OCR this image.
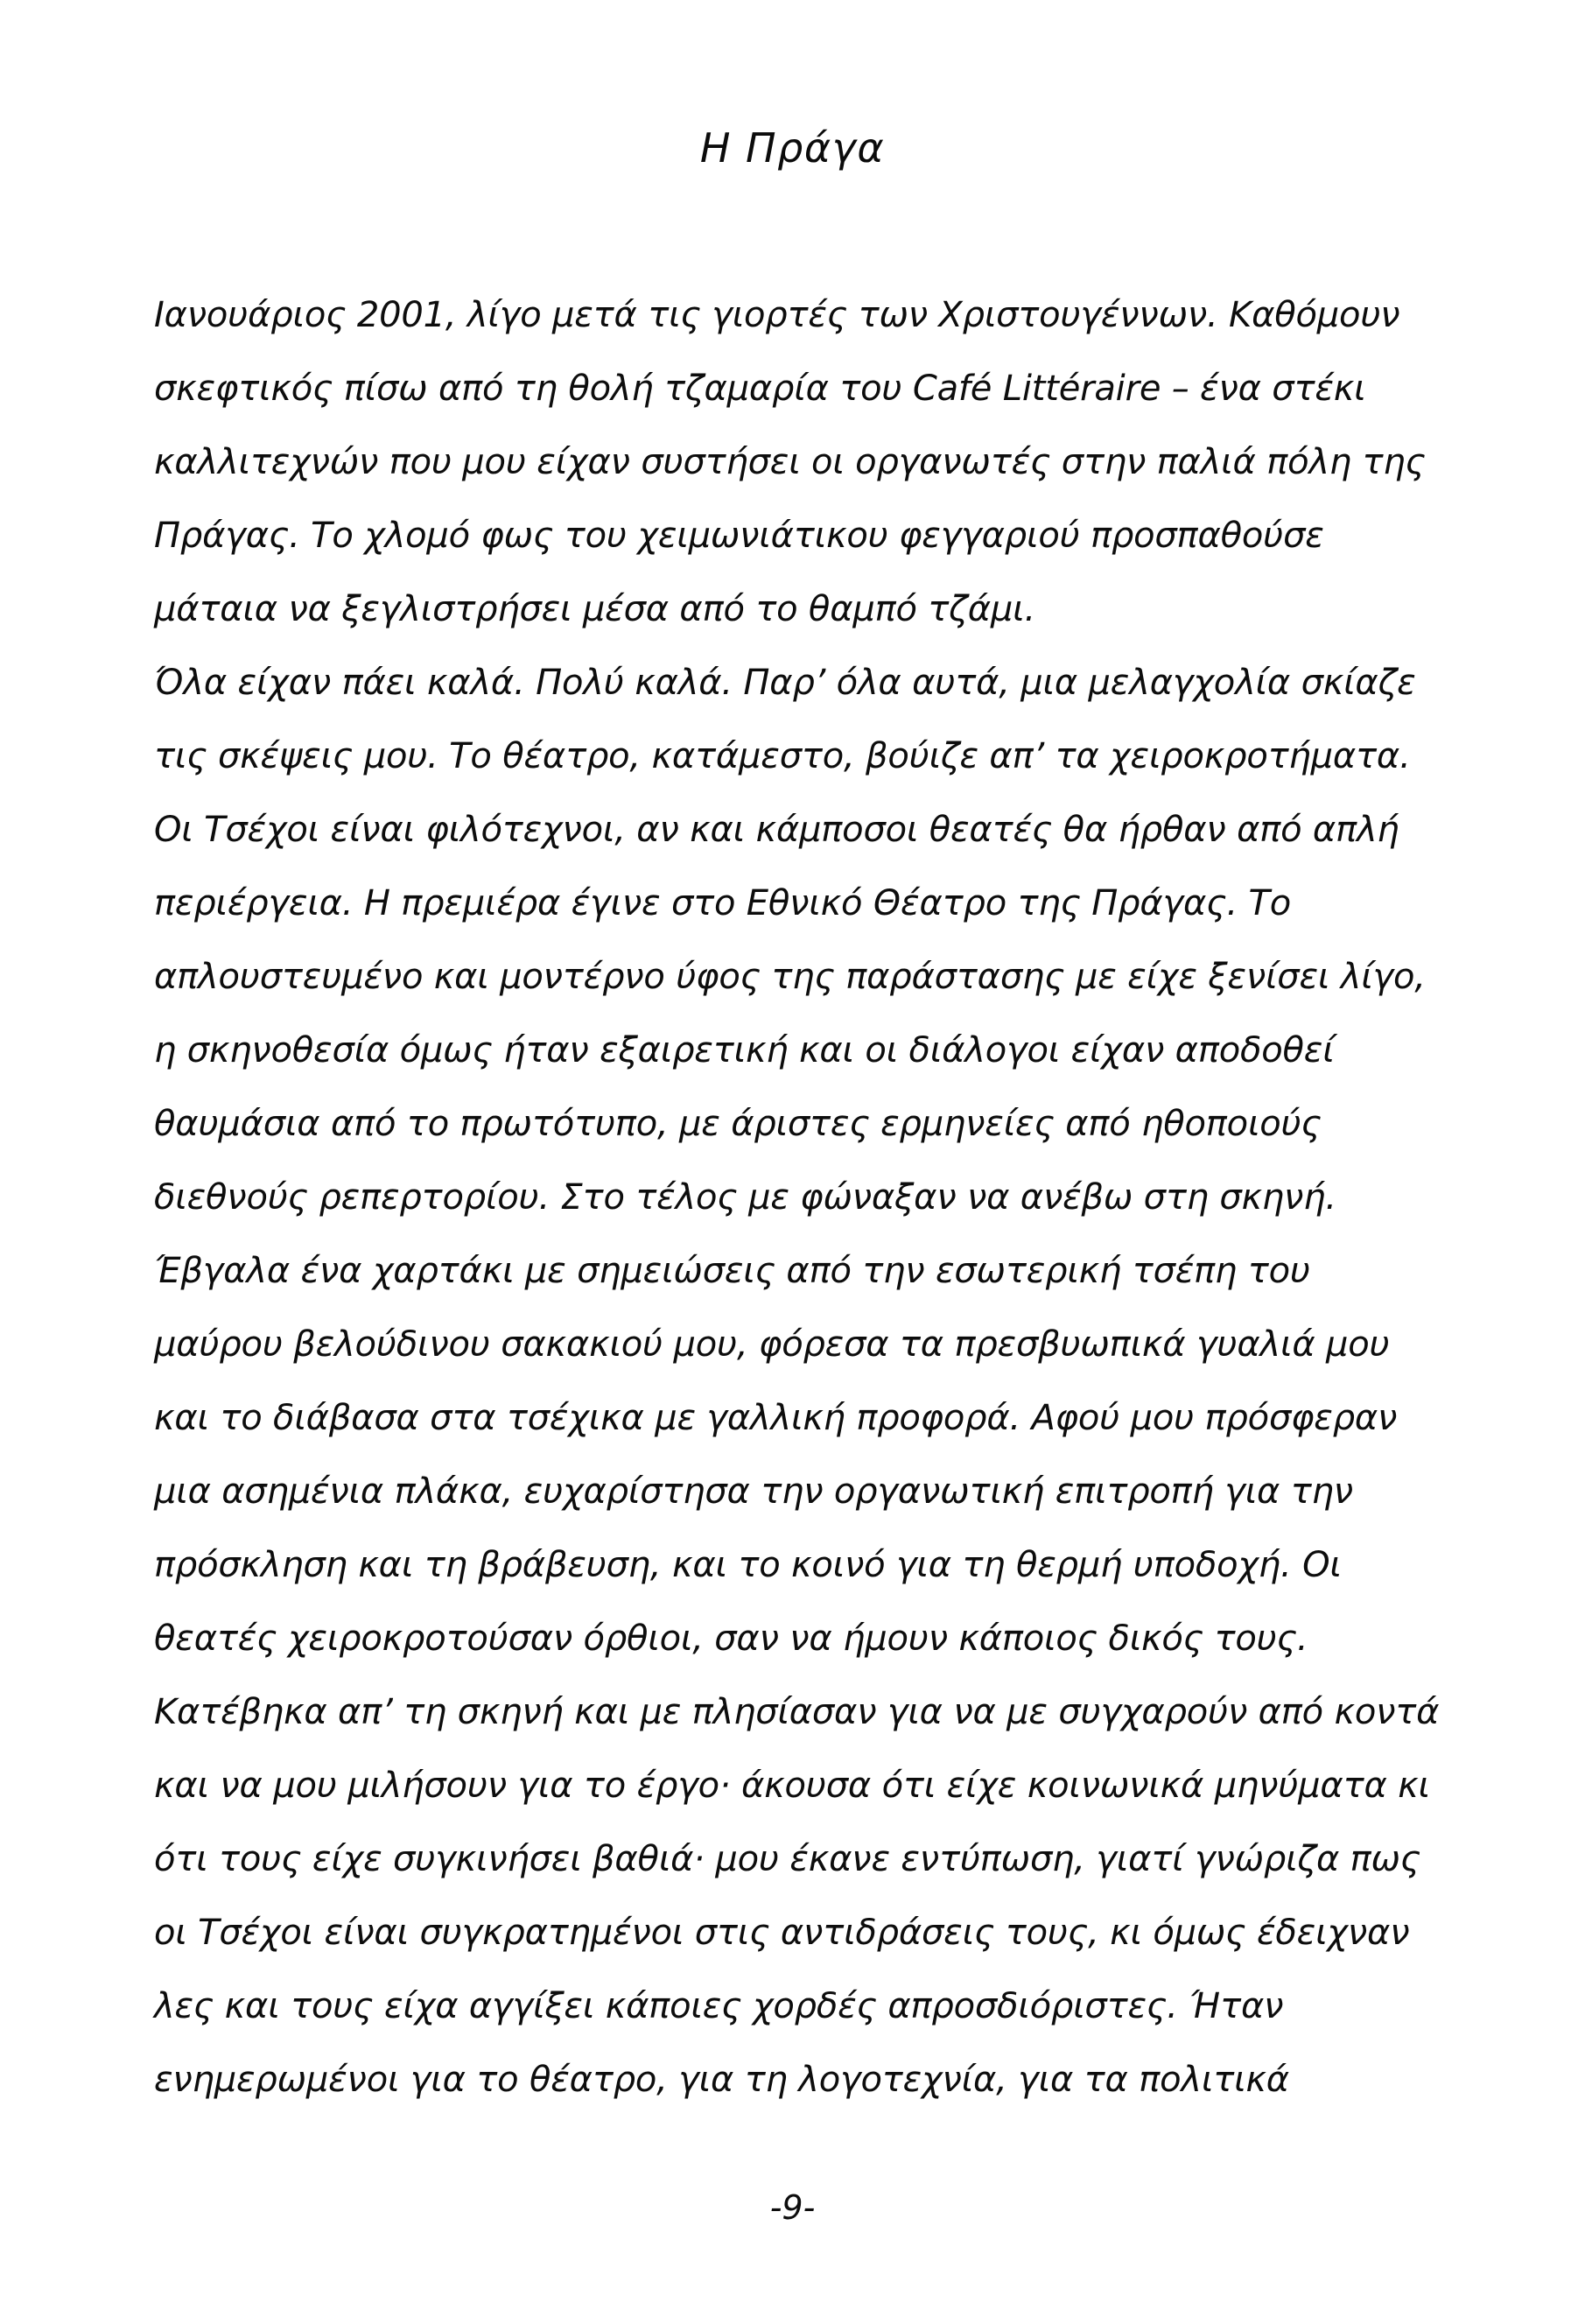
Η Πράγα
Ιανουάριος 2001, λίγο μετά τις γιορτές των Χριστουγέννων. Καθόμουν
σκεφτικός πίσω από τη θολή τζαμαρία του Café Littéraire – ένα στέκι
καλλιτεχνών που μου είχαν συστήσει οι οργανωτές στην παλιά πόλη της
Πράγας. Το χλομό φως του χειμωνιάτικου φεγγαριού προσπαθούσε
μάταια να ξεγλιστρήσει μέσα από το θαμπό τζάμι.
Όλα είχαν πάει καλά. Πολύ καλά. Παρ’ όλα αυτά, μια μελαγχολία σκίαζε
τις σκέψεις μου. Το θέατρο, κατάμεστο, βούιζε απ’ τα χειροκροτήματα.
Οι Τσέχοι είναι φιλότεχνοι, αν και κάμποσοι θεατές θα ήρθαν από απλή
περιέργεια. Η πρεμιέρα έγινε στο Εθνικό Θέατρο της Πράγας. Το
απλουστευμένο και μοντέρνο ύφος της παράστασης με είχε ξενίσει λίγο,
η σκηνοθεσία όμως ήταν εξαιρετική και οι διάλογοι είχαν αποδοθεί
θαυμάσια από το πρωτότυπο, με άριστες ερμηνείες από ηθοποιούς
διεθνούς ρεπερτορίου. Στο τέλος με φώναξαν να ανέβω στη σκηνή.
Έβγαλα ένα χαρτάκι με σημειώσεις από την εσωτερική τσέπη του
μαύρου βελούδινου σακακιού μου, φόρεσα τα πρεσβυωπικά γυαλιά μου
και το διάβασα στα τσέχικα με γαλλική προφορά. Αφού μου πρόσφεραν
μια ασημένια πλάκα, ευχαρίστησα την οργανωτική επιτροπή για την
πρόσκληση και τη βράβευση, και το κοινό για τη θερμή υποδοχή. Οι
θεατές χειροκροτούσαν όρθιοι, σαν να ήμουν κάποιος δικός τους.
Κατέβηκα απ’ τη σκηνή και με πλησίασαν για να με συγχαρούν από κοντά
και να μου μιλήσουν για το έργο· άκουσα ότι είχε κοινωνικά μηνύματα κι
ότι τους είχε συγκινήσει βαθιά· μου έκανε εντύπωση, γιατί γνώριζα πως
οι Τσέχοι είναι συγκρατημένοι στις αντιδράσεις τους, κι όμως έδειχναν
λες και τους είχα αγγίξει κάποιες χορδές απροσδιόριστες. Ήταν
ενημερωμένοι για το θέατρο, για τη λογοτεχνία, για τα πολιτικά
-9-
